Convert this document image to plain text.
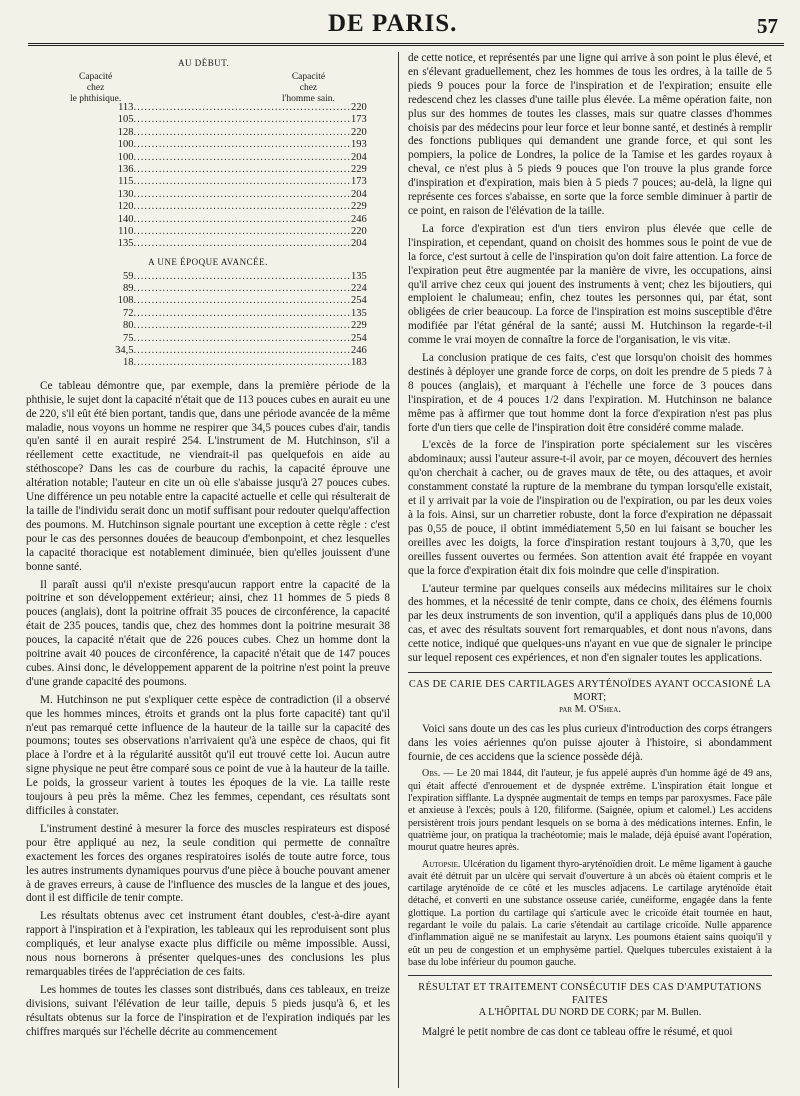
DE PARIS.	57
AU DÉBUT.
Capacité
chez
le phthisique.
Capacité
chez
l'homme sain.
113 ............................................................ 220
105 ............................................................ 173
128 ............................................................ 220
100 ............................................................ 193
100 ............................................................ 204
136 ............................................................ 229
115 ............................................................ 173
130 ............................................................ 204
120 ............................................................ 229
140 ............................................................ 246
110 ............................................................ 220
135 ............................................................ 204
A UNE ÉPOQUE AVANCÉE.
59 ............................................................ 135
89 ............................................................ 224
108 ............................................................ 254
72 ............................................................ 135
80 ............................................................ 229
75 ............................................................ 254
34,5 ............................................................ 246
18 ............................................................ 183

Ce tableau démontre que, par exemple, dans la première période de la phthisie, le sujet dont la capacité n'était que de 113 pouces cubes en aurait eu une de 220, s'il eût été bien portant, tandis que, dans une période avancée de la même maladie, nous voyons un homme ne respirer que 34,5 pouces cubes d'air, tandis qu'en santé il en aurait respiré 254. L'instrument de M. Hutchinson, s'il a réellement cette exactitude, ne viendrait-il pas quelquefois en aide au stéthoscope? Dans les cas de courbure du rachis, la capacité éprouve une altération notable; l'auteur en cite un où elle s'abaisse jusqu'à 27 pouces cubes. Une différence un peu notable entre la capacité actuelle et celle qui résulterait de la taille de l'individu serait donc un motif suffisant pour redouter quelqu'affection des poumons. M. Hutchinson signale pourtant une exception à cette règle : c'est pour le cas des personnes douées de beaucoup d'embonpoint, et chez lesquelles la capacité thoracique est notablement diminuée, bien qu'elles jouissent d'une bonne santé.

Il paraît aussi qu'il n'existe presqu'aucun rapport entre la capacité de la poitrine et son développement extérieur; ainsi, chez 11 hommes de 5 pieds 8 pouces (anglais), dont la poitrine offrait 35 pouces de circonférence, la capacité était de 235 pouces, tandis que, chez des hommes dont la poitrine mesurait 38 pouces, la capacité n'était que de 226 pouces cubes. Chez un homme dont la poitrine avait 40 pouces de circonférence, la capacité n'était que de 147 pouces cubes. Ainsi donc, le développement apparent de la poitrine n'est point la preuve d'une grande capacité des poumons.

M. Hutchinson ne put s'expliquer cette espèce de contradiction (il a observé que les hommes minces, étroits et grands ont la plus forte capacité) tant qu'il n'eut pas remarqué cette influence de la hauteur de la taille sur la capacité des poumons; toutes ses observations n'arrivaient qu'à une espèce de chaos, qui fit place à l'ordre et à la régularité aussitôt qu'il eut trouvé cette loi. Aucun autre signe physique ne peut être comparé sous ce point de vue à la hauteur de la taille. Le poids, la grosseur varient à toutes les époques de la vie. La taille reste toujours à peu près la même. Chez les femmes, cependant, ces résultats sont difficiles à constater.

L'instrument destiné à mesurer la force des muscles respirateurs est disposé pour être appliqué au nez, la seule condition qui permette de connaître exactement les forces des organes respiratoires isolés de toute autre force, tous les autres instruments dynamiques pourvus d'une pièce à bouche pouvant amener à de graves erreurs, à cause de l'influence des muscles de la langue et des joues, dont il est difficile de tenir compte.

Les résultats obtenus avec cet instrument étant doubles, c'est-à-dire ayant rapport à l'inspiration et à l'expiration, les tableaux qui les reproduisent sont plus compliqués, et leur analyse exacte plus difficile ou même impossible. Aussi, nous nous bornerons à présenter quelques-unes des conclusions les plus remarquables tirées de l'appréciation de ces faits.

Les hommes de toutes les classes sont distribués, dans ces tableaux, en treize divisions, suivant l'élévation de leur taille, depuis 5 pieds jusqu'à 6, et les résultats obtenus sur la force de l'inspiration et de l'expiration indiqués par les chiffres marqués sur l'échelle décrite au commencement

de cette notice, et représentés par une ligne qui arrive à son point le plus élevé, et en s'élevant graduellement, chez les hommes de tous les ordres, à la taille de 5 pieds 9 pouces pour la force de l'inspiration et de l'expiration; ensuite elle redescend chez les classes d'une taille plus élevée. La même opération faite, non plus sur des hommes de toutes les classes, mais sur quatre classes d'hommes choisis par des médecins pour leur force et leur bonne santé, et destinés à remplir des fonctions publiques qui demandent une grande force, et qui sont les pompiers, la police de Londres, la police de la Tamise et les gardes royaux à cheval, ce n'est plus à 5 pieds 9 pouces que l'on trouve la plus grande force d'inspiration et d'expiration, mais bien à 5 pieds 7 pouces; au-delà, la ligne qui représente ces forces s'abaisse, en sorte que la force semble diminuer à partir de ce point, en raison de l'élévation de la taille.

La force d'expiration est d'un tiers environ plus élevée que celle de l'inspiration, et cependant, quand on choisit des hommes sous le point de vue de la force, c'est surtout à celle de l'inspiration qu'on doit faire attention. La force de l'expiration peut être augmentée par la manière de vivre, les occupations, ainsi qu'il arrive chez ceux qui jouent des instruments à vent; chez les bijoutiers, qui emploient le chalumeau; enfin, chez toutes les personnes qui, par état, sont obligées de crier beaucoup. La force de l'inspiration est moins susceptible d'être modifiée par l'état général de la santé; aussi M. Hutchinson la regarde-t-il comme le vrai moyen de connaître la force de l'organisation, le vis vitæ.

La conclusion pratique de ces faits, c'est que lorsqu'on choisit des hommes destinés à déployer une grande force de corps, on doit les prendre de 5 pieds 7 à 8 pouces (anglais), et marquant à l'échelle une force de 3 pouces dans l'inspiration, et de 4 pouces 1/2 dans l'expiration. M. Hutchinson ne balance même pas à affirmer que tout homme dont la force d'expiration n'est pas plus forte d'un tiers que celle de l'inspiration doit être considéré comme malade.

L'excès de la force de l'inspiration porte spécialement sur les viscères abdominaux; aussi l'auteur assure-t-il avoir, par ce moyen, découvert des hernies qu'on cherchait à cacher, ou de graves maux de tête, ou des attaques, et avoir constamment constaté la rupture de la membrane du tympan lorsqu'elle existait, et il y arrivait par la voie de l'inspiration ou de l'expiration, ou par les deux voies à la fois. Ainsi, sur un charretier robuste, dont la force d'expiration ne dépassait pas 0,55 de pouce, il obtint immédiatement 5,50 en lui faisant se boucher les oreilles avec les doigts, la force d'inspiration restant toujours à 3,70, que les oreilles fussent ouvertes ou fermées. Son attention avait été frappée en voyant que la force d'expiration était dix fois moindre que celle d'inspiration.

L'auteur termine par quelques conseils aux médecins militaires sur le choix des hommes, et la nécessité de tenir compte, dans ce choix, des élémens fournis par les deux instruments de son invention, qu'il a appliqués dans plus de 10,000 cas, et avec des résultats souvent fort remarquables, et dont nous n'avons, dans cette notice, indiqué que quelques-uns n'ayant en vue que de signaler le principe sur lequel reposent ces expériences, et non d'en signaler toutes les applications.

CAS DE CARIE DES CARTILAGES ARYTÉNOÏDES AYANT OCCASIONÉ LA MORT;
par M. O'Shea.

Voici sans doute un des cas les plus curieux d'introduction des corps étrangers dans les voies aériennes qu'on puisse ajouter à l'histoire, si abondamment fournie, de ces accidens que la science possède déjà.

Obs. — Le 20 mai 1844, dit l'auteur, je fus appelé auprès d'un homme âgé de 49 ans, qui était affecté d'enrouement et de dyspnée extrême. L'inspiration était longue et l'expiration sifflante. La dyspnée augmentait de temps en temps par paroxysmes. Face pâle et anxieuse à l'excès; pouls à 120, filiforme. (Saignée, opium et calomel.) Les accidens persistèrent trois jours pendant lesquels on se borna à des médications internes. Enfin, le quatrième jour, on pratiqua la trachéotomie; mais le malade, déjà épuisé avant l'opération, mourut quatre heures après.

Autopsie. Ulcération du ligament thyro-aryténoïdien droit. Le même ligament à gauche avait été détruit par un ulcère qui servait d'ouverture à un abcès où étaient compris et le cartilage aryténoïde de ce côté et les muscles adjacens. Le cartilage aryténoïde était détaché, et converti en une substance osseuse cariée, cunéiforme, engagée dans la fente glottique. La portion du cartilage qui s'articule avec le cricoïde était tournée en haut, regardant le voile du palais. La carie s'étendait au cartilage cricoïde. Nulle apparence d'inflammation aiguë ne se manifestait au larynx. Les poumons étaient sains quoiqu'il y eût un peu de congestion et un emphysème partiel. Quelques tubercules existaient à la base du lobe inférieur du poumon gauche.

RÉSULTAT ET TRAITEMENT CONSÉCUTIF DES CAS D'AMPUTATIONS FAITES
A L'HÔPITAL DU NORD DE CORK; par M. Bullen.

Malgré le petit nombre de cas dont ce tableau offre le résumé, et quoi
